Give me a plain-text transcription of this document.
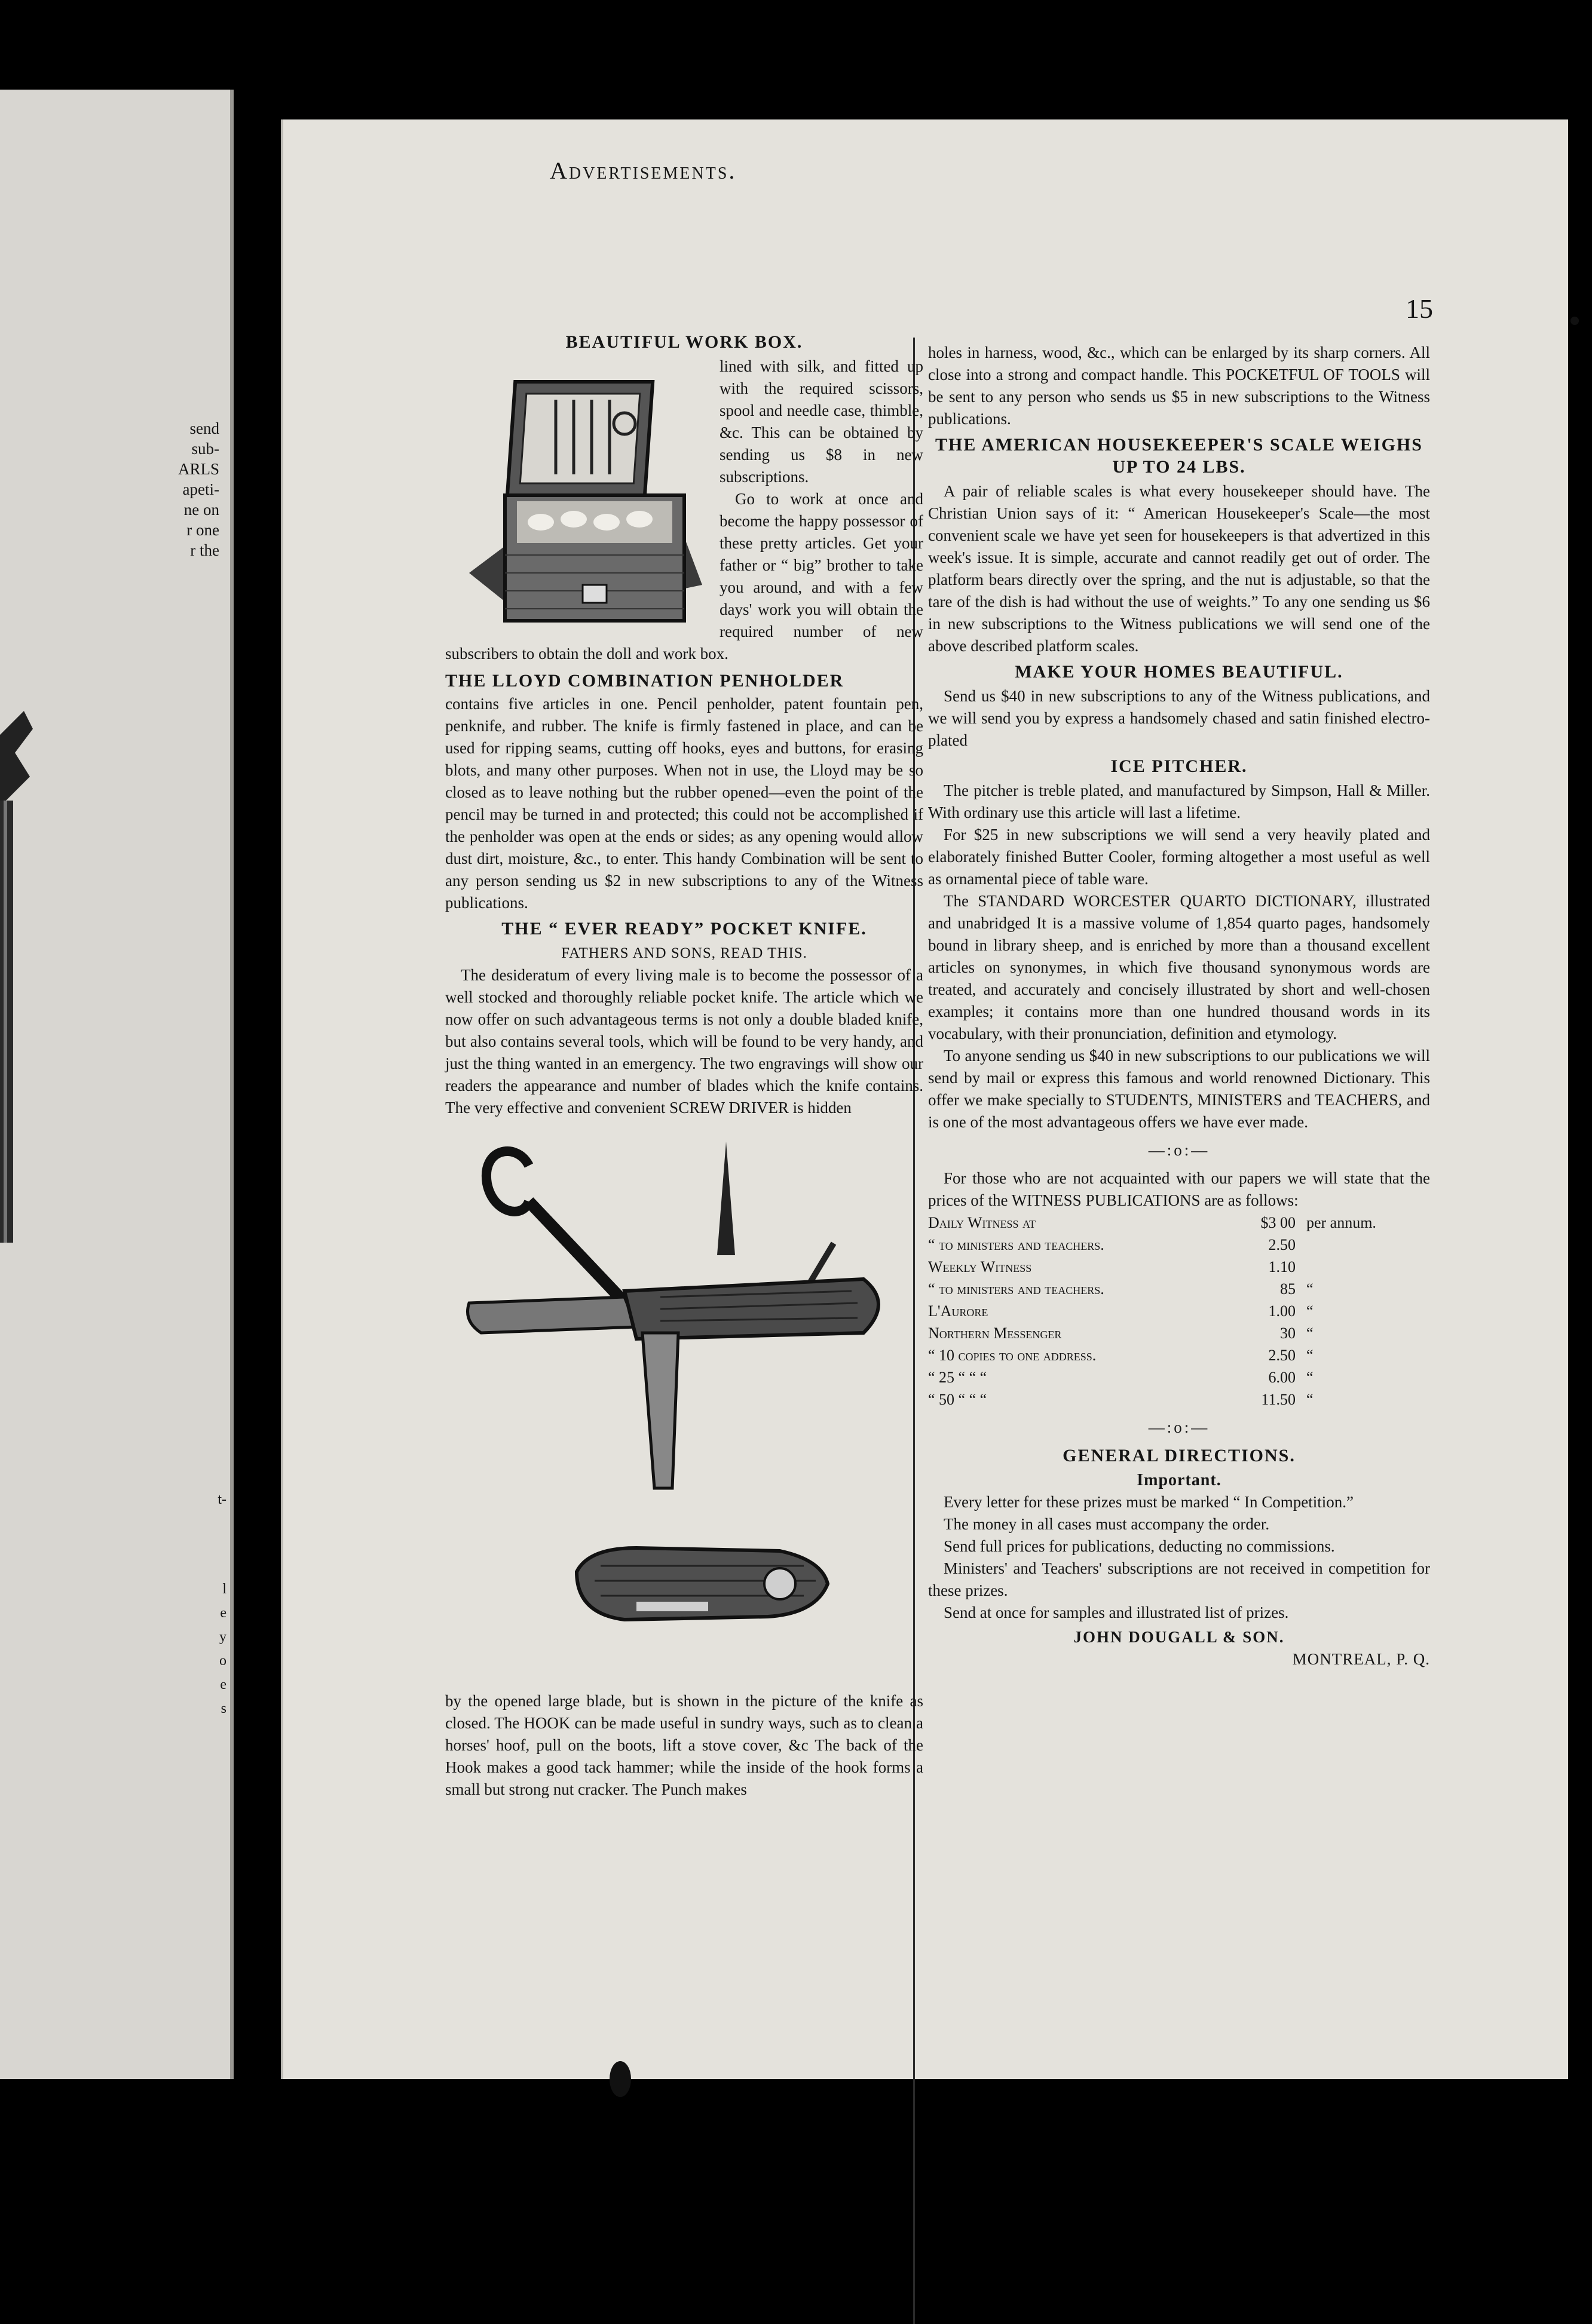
send
sub-
ARLS
apeti-
ne on
r one
r the
t-
l
e
y
o
e
s
Advertisements.
15
BEAUTIFUL WORK BOX.

lined with silk, and fitted up with the required scissors, spool and needle case, thimble, &c. This can be obtained by sending us $8 in new subscriptions.

Go to work at once and become the happy possessor of these pretty articles. Get your father or “ big” brother to take you around, and with a few days' work you will obtain the required number of new subscribers to obtain the doll and work box.

THE LLOYD COMBINATION PENHOLDER

contains five articles in one. Pencil penholder, patent fountain pen, penknife, and rubber. The knife is firmly fastened in place, and can be used for ripping seams, cutting off hooks, eyes and buttons, for erasing blots, and many other purposes. When not in use, the Lloyd may be so closed as to leave nothing but the rubber opened—even the point of the pencil may be turned in and protected; this could not be accomplished if the penholder was open at the ends or sides; as any opening would allow dust dirt, moisture, &c., to enter. This handy Combination will be sent to any person sending us $2 in new subscriptions to any of the Witness publications.

THE “ EVER READY” POCKET KNIFE.
FATHERS AND SONS, READ THIS.

The desideratum of every living male is to become the possessor of a well stocked and thoroughly reliable pocket knife. The article which we now offer on such advantageous terms is not only a double bladed knife, but also contains several tools, which will be found to be very handy, and just the thing wanted in an emergency. The two engravings will show our readers the appearance and number of blades which the knife contains. The very effective and convenient SCREW DRIVER is hidden

by the opened large blade, but is shown in the picture of the knife as closed. The HOOK can be made useful in sundry ways, such as to clean a horses' hoof, pull on the boots, lift a stove cover, &c The back of the Hook makes a good tack hammer; while the inside of the hook forms a small but strong nut cracker. The Punch makes

holes in harness, wood, &c., which can be enlarged by its sharp corners. All close into a strong and compact handle. This POCKETFUL OF TOOLS will be sent to any person who sends us $5 in new subscriptions to the Witness publications.

THE AMERICAN HOUSEKEEPER'S SCALE WEIGHS UP TO 24 LBS.

A pair of reliable scales is what every housekeeper should have. The Christian Union says of it: “ American Housekeeper's Scale—the most convenient scale we have yet seen for housekeepers is that advertized in this week's issue. It is simple, accurate and cannot readily get out of order. The platform bears directly over the spring, and the nut is adjustable, so that the tare of the dish is had without the use of weights.” To any one sending us $6 in new subscriptions to the Witness publications we will send one of the above described platform scales.

MAKE YOUR HOMES BEAUTIFUL.

Send us $40 in new subscriptions to any of the Witness publications, and we will send you by express a handsomely chased and satin finished electro-plated

ICE PITCHER.

The pitcher is treble plated, and manufactured by Simpson, Hall & Miller. With ordinary use this article will last a lifetime.

For $25 in new subscriptions we will send a very heavily plated and elaborately finished Butter Cooler, forming altogether a most useful as well as ornamental piece of table ware.

The STANDARD WORCESTER QUARTO DICTIONARY, illustrated and unabridged It is a massive volume of 1,854 quarto pages, handsomely bound in library sheep, and is enriched by more than a thousand excellent articles on synonymes, in which five thousand synonymous words are treated, and accurately and concisely illustrated by short and well-chosen examples; it contains more than one hundred thousand words in its vocabulary, with their pronunciation, definition and etymology.

To anyone sending us $40 in new subscriptions to our publications we will send by mail or express this famous and world renowned Dictionary. This offer we make specially to STUDENTS, MINISTERS and TEACHERS, and is one of the most advantageous offers we have ever made.

—:o:—

For those who are not acquainted with our papers we will state that the prices of the WITNESS PUBLICATIONS are as follows:

Daily Witness at	$3 00	per annum.
“ to ministers and teachers.	2.50	
Weekly Witness	1.10	
“ to ministers and teachers.	85	“
L'Aurore	1.00	“
Northern Messenger	30	“
“ 10 copies to one address.	2.50	“
“ 25 “ “ “	6.00	“
“ 50 “ “ “	11.50	“
—:o:—
GENERAL DIRECTIONS.
Important.

Every letter for these prizes must be marked “ In Competition.”

The money in all cases must accompany the order.

Send full prices for publications, deducting no commissions.

Ministers' and Teachers' subscriptions are not received in competition for these prizes.

Send at once for samples and illustrated list of prizes.

JOHN DOUGALL & SON.
MONTREAL, P. Q.
